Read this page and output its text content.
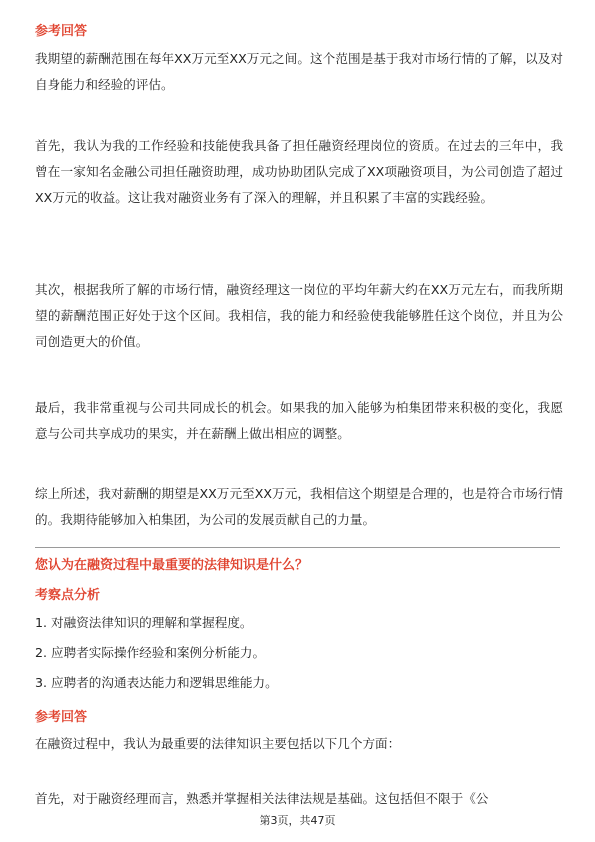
参考回答
我期望的薪酬范围在每年XX万元至XX万元之间。这个范围是基于我对市场行情的了解，以及对自身能力和经验的评估。
首先，我认为我的工作经验和技能使我具备了担任融资经理岗位的资质。在过去的三年中，我曾在一家知名金融公司担任融资助理，成功协助团队完成了XX项融资项目，为公司创造了超过XX万元的收益。这让我对融资业务有了深入的理解，并且积累了丰富的实践经验。
其次，根据我所了解的市场行情，融资经理这一岗位的平均年薪大约在XX万元左右，而我所期望的薪酬范围正好处于这个区间。我相信，我的能力和经验使我能够胜任这个岗位，并且为公司创造更大的价值。
最后，我非常重视与公司共同成长的机会。如果我的加入能够为柏集团带来积极的变化，我愿意与公司共享成功的果实，并在薪酬上做出相应的调整。
综上所述，我对薪酬的期望是XX万元至XX万元，我相信这个期望是合理的，也是符合市场行情的。我期待能够加入柏集团，为公司的发展贡献自己的力量。
您认为在融资过程中最重要的法律知识是什么？
考察点分析
1. 对融资法律知识的理解和掌握程度。
2. 应聘者实际操作经验和案例分析能力。
3. 应聘者的沟通表达能力和逻辑思维能力。
参考回答
在融资过程中，我认为最重要的法律知识主要包括以下几个方面：
首先，对于融资经理而言，熟悉并掌握相关法律法规是基础。这包括但不限于《公
第3页，共47页
